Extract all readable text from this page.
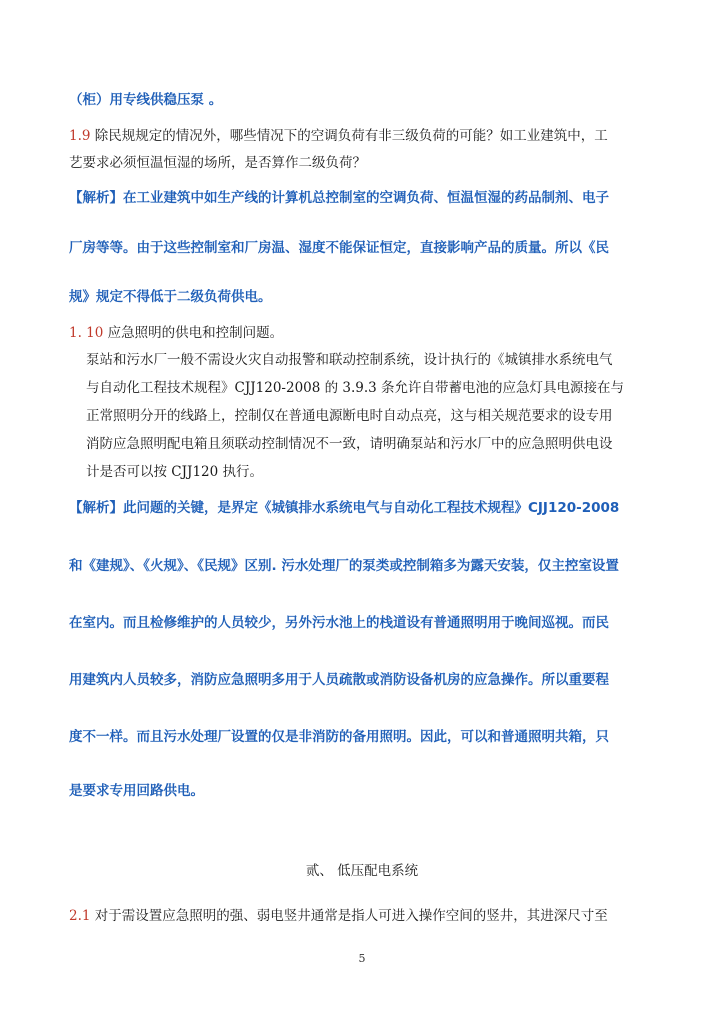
（柜）用专线供稳压泵 。
1.9 除民规规定的情况外，哪些情况下的空调负荷有非三级负荷的可能？如工业建筑中，工
艺要求必须恒温恒湿的场所，是否算作二级负荷？
【解析】在工业建筑中如生产线的计算机总控制室的空调负荷、恒温恒湿的药品制剂、电子
厂房等等。由于这些控制室和厂房温、湿度不能保证恒定，直接影响产品的质量。所以《民
规》规定不得低于二级负荷供电。
1. 10 应急照明的供电和控制问题。
泵站和污水厂一般不需设火灾自动报警和联动控制系统，设计执行的《城镇排水系统电气
与自动化工程技术规程》CJJ120-2008 的 3.9.3 条允许自带蓄电池的应急灯具电源接在与
正常照明分开的线路上，控制仅在普通电源断电时自动点亮，这与相关规范要求的设专用
消防应急照明配电箱且须联动控制情况不一致，请明确泵站和污水厂中的应急照明供电设
计是否可以按 CJJ120 执行。
【解析】此问题的关键，是界定《城镇排水系统电气与自动化工程技术规程》CJJ120-2008
和《建规》、《火规》、《民规》区别. 污水处理厂的泵类或控制箱多为露天安装，仅主控室设置
在室内。而且检修维护的人员较少，另外污水池上的栈道设有普通照明用于晚间巡视。而民
用建筑内人员较多，消防应急照明多用于人员疏散或消防设备机房的应急操作。所以重要程
度不一样。而且污水处理厂设置的仅是非消防的备用照明。因此，可以和普通照明共箱，只
是要求专用回路供电。
贰、 低压配电系统
2.1 对于需设置应急照明的强、弱电竖井通常是指人可进入操作空间的竖井，其进深尺寸至
5
